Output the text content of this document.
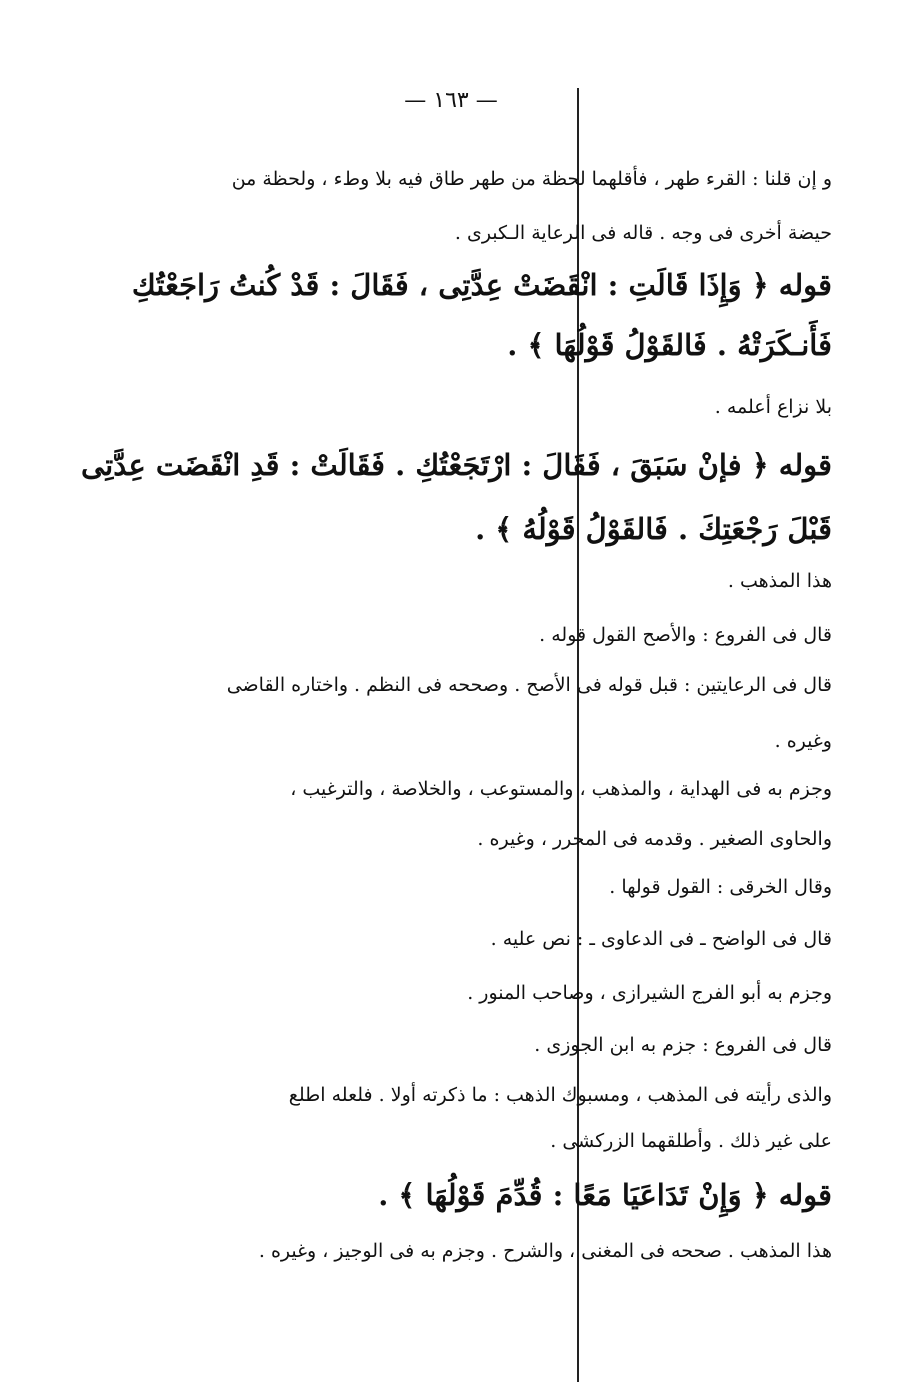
— ١٦٣ —
و إن قلنا : القرء طهر ، فأقلهما لحظة من طهر طاق فيه بلا وطء ، ولحظة من
حيضة أخرى فى وجه . قاله فى الرعاية الـكبرى .
قوله ﴿ وَإِذَا قَالَتِ : انْقَضَتْ عِدَّتِى ، فَقَالَ : قَدْ كُنتُ رَاجَعْتُكِ
فَأَنـكَرَتْهُ . فَالقَوْلُ قَوْلُهَا ﴾ .
بلا نزاع أعلمه .
قوله ﴿ فإنْ سَبَقَ ، فَقَالَ : ارْتَجَعْتُكِ . فَقَالَتْ : قَدِ انْقَضَت عِدَّتِى
قَبْلَ رَجْعَتِكَ . فَالقَوْلُ قَوْلُهُ ﴾ .
هذا المذهب .
قال فى الفروع : والأصح القول قوله .
قال فى الرعايتين : قبل قوله فى الأصح . وصححه فى النظم . واختاره القاضى
وغيره .
وجزم به فى الهداية ، والمذهب ، والمستوعب ، والخلاصة ، والترغيب ،
والحاوى الصغير . وقدمه فى المحرر ، وغيره .
وقال الخرقى : القول قولها .
قال فى الواضح ـ فى الدعاوى ـ : نص عليه .
وجزم به أبو الفرج الشيرازى ، وصاحب المنور .
قال فى الفروع : جزم به ابن الجوزى .
والذى رأيته فى المذهب ، ومسبوك الذهب : ما ذكرته أولا . فلعله اطلع
على غير ذلك . وأطلقهما الزركشى .
قوله ﴿ وَإِنْ تَدَاعَيَا مَعًا : قُدِّمَ قَوْلُهَا ﴾ .
هذا المذهب . صححه فى المغنى ، والشرح . وجزم به فى الوجيز ، وغيره .
